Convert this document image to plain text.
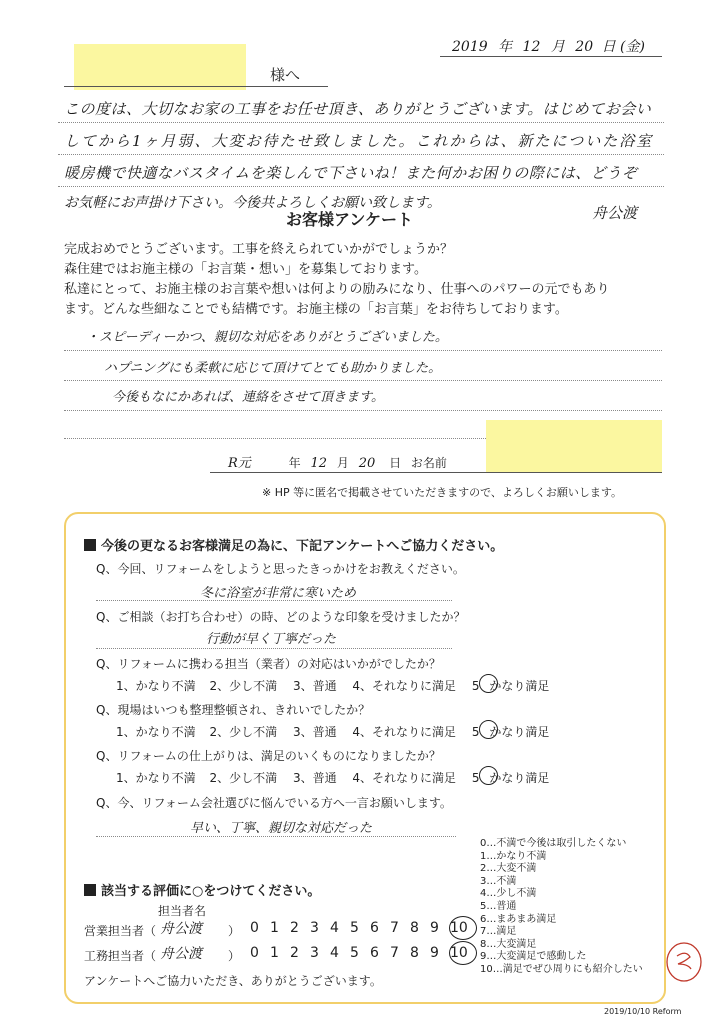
2019 年 12 月 20 日 (金)
様へ
この度は、大切なお家の工事をお任せ頂き、ありがとうございます。はじめてお会い
してから1ヶ月弱、大変お待たせ致しました。これからは、新たについた浴室
暖房機で快適なバスタイムを楽しんで下さいね！また何かお困りの際には、どうぞ
お気軽にお声掛け下さい。今後共よろしくお願い致します。
舟公渡
お客様アンケート
完成おめでとうございます。工事を終えられていかがでしょうか？
森住建ではお施主様の「お言葉・想い」を募集しております。
私達にとって、お施主様のお言葉や想いは何よりの励みになり、仕事へのパワーの元でもあり
ます。どんな些細なことでも結構です。お施主様の「お言葉」をお待ちしております。
・スピーディーかつ、親切な対応をありがとうございました。
ハプニングにも柔軟に応じて頂けてとても助かりました。
今後もなにかあれば、連絡をさせて頂きます。
R元	年 12 月 20 日 お名前
※ HP 等に匿名で掲載させていただきますので、よろしくお願いします。
今後の更なるお客様満足の為に、下記アンケートへご協力ください。
Q、今回、リフォームをしようと思ったきっかけをお教えください。
冬に浴室が非常に寒いため
Q、ご相談（お打ち合わせ）の時、どのような印象を受けましたか？
行動が早く丁寧だった
Q、リフォームに携わる担当（業者）の対応はいかがでしたか？
1、かなり不満 2、少し不満 3、普通 4、それなりに満足 5 かなり満足
Q、現場はいつも整理整頓され、きれいでしたか？
1、かなり不満 2、少し不満 3、普通 4、それなりに満足 5 かなり満足
Q、リフォームの仕上がりは、満足のいくものになりましたか？
1、かなり不満 2、少し不満 3、普通 4、それなりに満足 5 かなり満足
Q、今、リフォーム会社選びに悩んでいる方へ一言お願いします。
早い、丁寧、親切な対応だった
該当する評価に○をつけてください。
担当者名
営業担当者（ 舟公渡 ） 0 1 2 3 4 5 6 7 8 9 10
工務担当者（ 舟公渡 ） 0 1 2 3 4 5 6 7 8 9 10
アンケートへご協力いただき、ありがとうございます。
0…不満で今後は取引したくない
1…かなり不満
2…大変不満
3…不満
4…少し不満
5…普通
6…まあまあ満足
7…満足
8…大変満足
9…大変満足で感動した
10…満足でぜひ周りにも紹介したい
2019/10/10 Reform
